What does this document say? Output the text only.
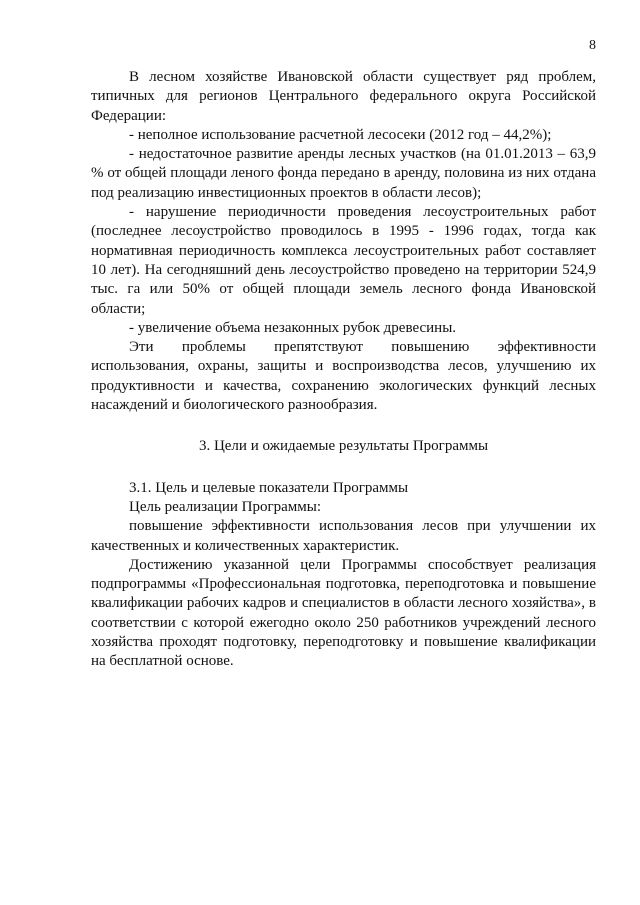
8

В лесном хозяйстве Ивановской области существует ряд проблем, типичных для регионов Центрального федерального округа Российской Федерации:

- неполное использование расчетной лесосеки (2012 год – 44,2%);

- недостаточное развитие аренды лесных участков (на 01.01.2013 – 63,9 % от общей площади леного фонда передано в аренду, половина из них отдана под реализацию инвестиционных проектов в области лесов);

- нарушение периодичности проведения лесоустроительных работ (последнее лесоустройство проводилось в 1995 - 1996 годах, тогда как нормативная периодичность комплекса лесоустроительных работ составляет 10 лет). На сегодняшний день лесоустройство проведено на территории 524,9 тыс. га или 50% от общей площади земель лесного фонда Ивановской области;

- увеличение объема незаконных рубок древесины.

Эти проблемы препятствуют повышению эффективности использования, охраны, защиты и воспроизводства лесов, улучшению их продуктивности и качества, сохранению экологических функций лесных насаждений и биологического разнообразия.

3. Цели и ожидаемые результаты Программы

3.1. Цель и целевые показатели Программы

Цель реализации Программы:

повышение эффективности использования лесов при улучшении их качественных и количественных характеристик.

Достижению указанной цели Программы способствует реализация подпрограммы «Профессиональная подготовка, переподготовка и повышение квалификации рабочих кадров и специалистов в области лесного хозяйства», в соответствии с которой ежегодно около 250 работников учреждений лесного хозяйства проходят подготовку, переподготовку и повышение квалификации на бесплатной основе.
